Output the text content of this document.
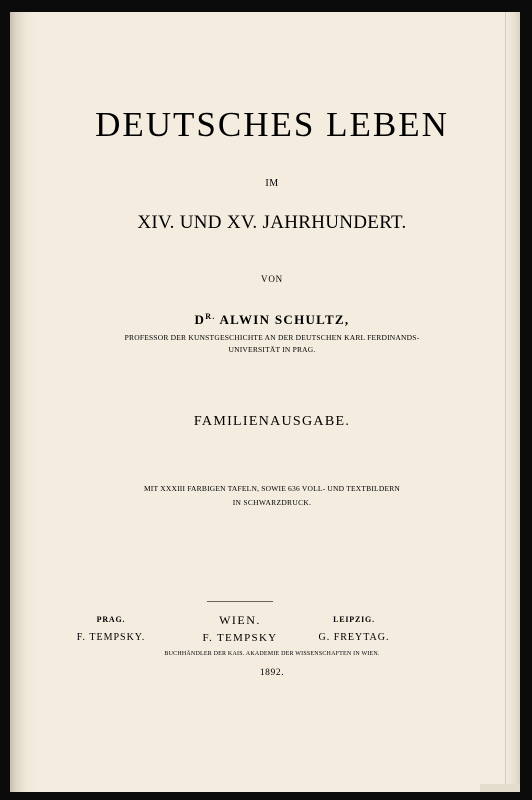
DEUTSCHES LEBEN
IM
XIV. UND XV. JAHRHUNDERT.
VON
$D^{R.}$ ALWIN SCHULTZ,
PROFESSOR DER KUNSTGESCHICHTE AN DER DEUTSCHEN KARL FERDINANDS-
UNIVERSITÄT IN PRAG.
FAMILIENAUSGABE.
MIT XXXIII FARBIGEN TAFELN, SOWIE 636 VOLL- UND TEXTBILDERN
IN SCHWARZDRUCK.
PRAG.
F. TEMPSKY.
WIEN.
F. TEMPSKY
LEIPZIG.
G. FREYTAG.
BUCHHÄNDLER DER KAIS. AKADEMIE DER WISSENSCHAFTEN IN WIEN.
1892.
